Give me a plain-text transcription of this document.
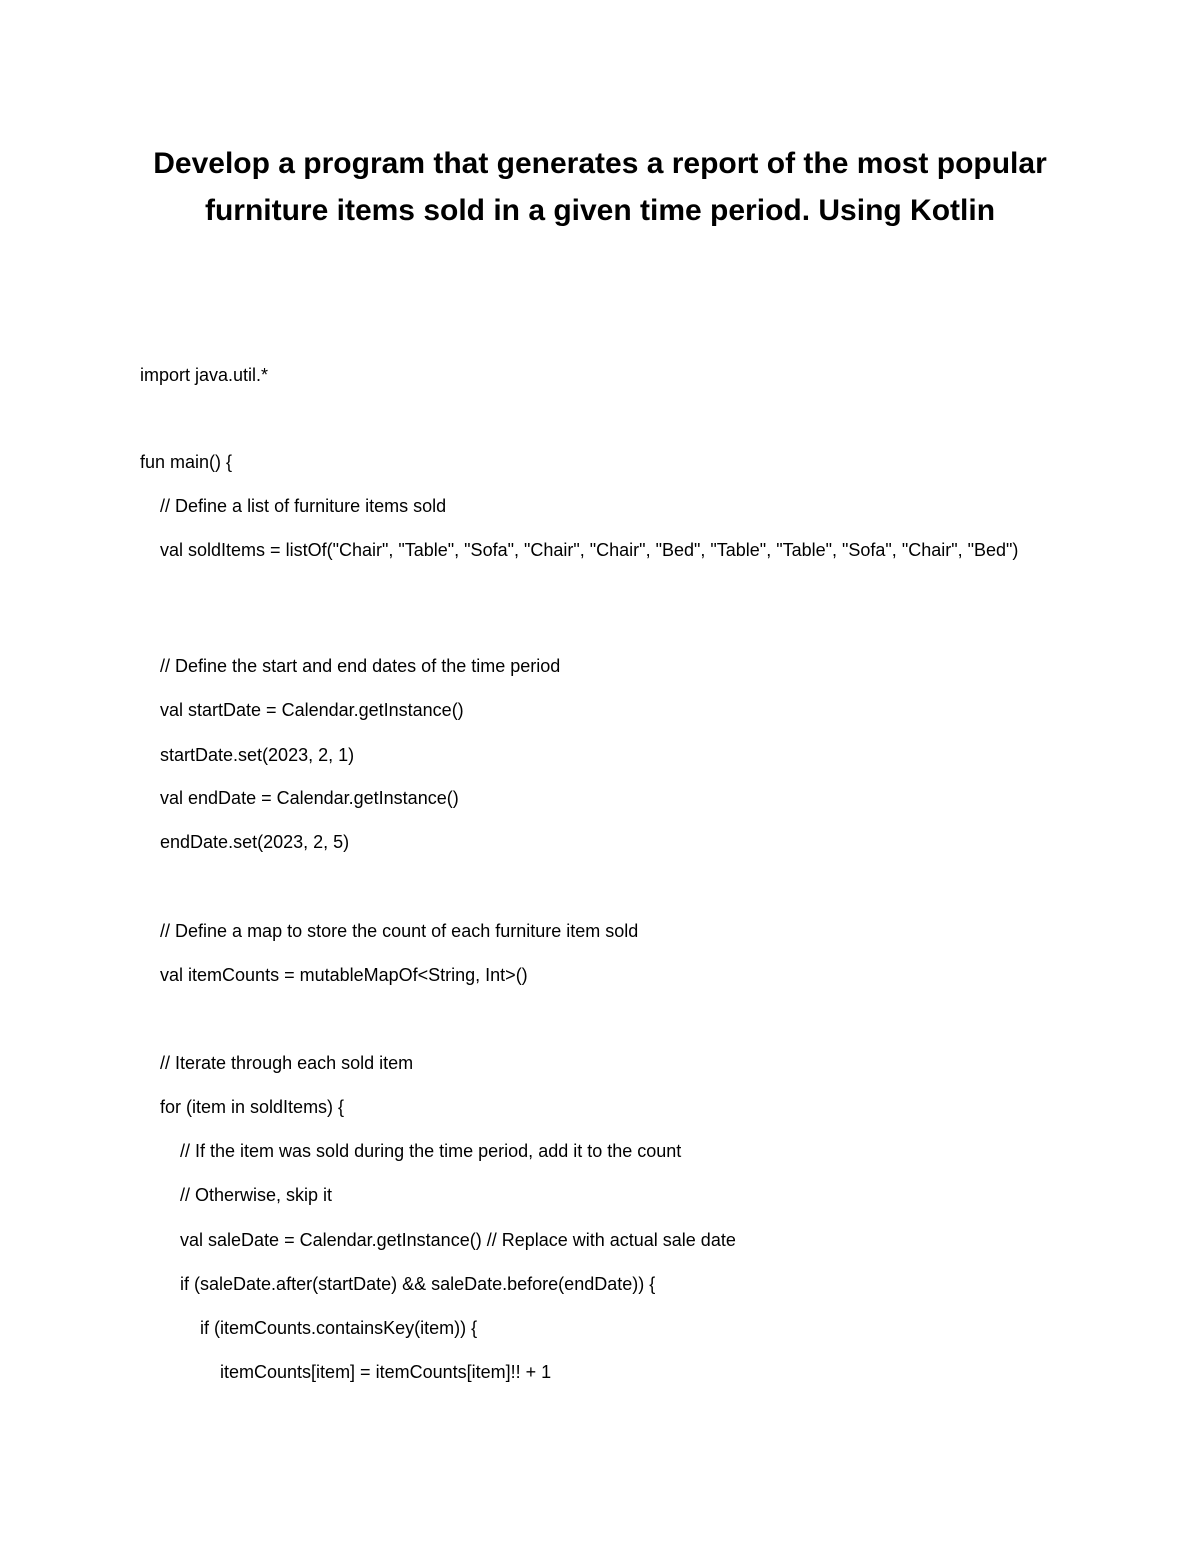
Develop a program that generates a report of the most popular furniture items sold in a given time period. Using Kotlin

import java.util.*

fun main() {

// Define a list of furniture items sold

val soldItems = listOf("Chair", "Table", "Sofa", "Chair", "Chair", "Bed", "Table", "Table", "Sofa", "Chair", "Bed")

// Define the start and end dates of the time period

val startDate = Calendar.getInstance()

startDate.set(2023, 2, 1)

val endDate = Calendar.getInstance()

endDate.set(2023, 2, 5)

// Define a map to store the count of each furniture item sold

val itemCounts = mutableMapOf<String, Int>()

// Iterate through each sold item

for (item in soldItems) {

// If the item was sold during the time period, add it to the count

// Otherwise, skip it

val saleDate = Calendar.getInstance() // Replace with actual sale date

if (saleDate.after(startDate) && saleDate.before(endDate)) {

if (itemCounts.containsKey(item)) {

itemCounts[item] = itemCounts[item]!! + 1
